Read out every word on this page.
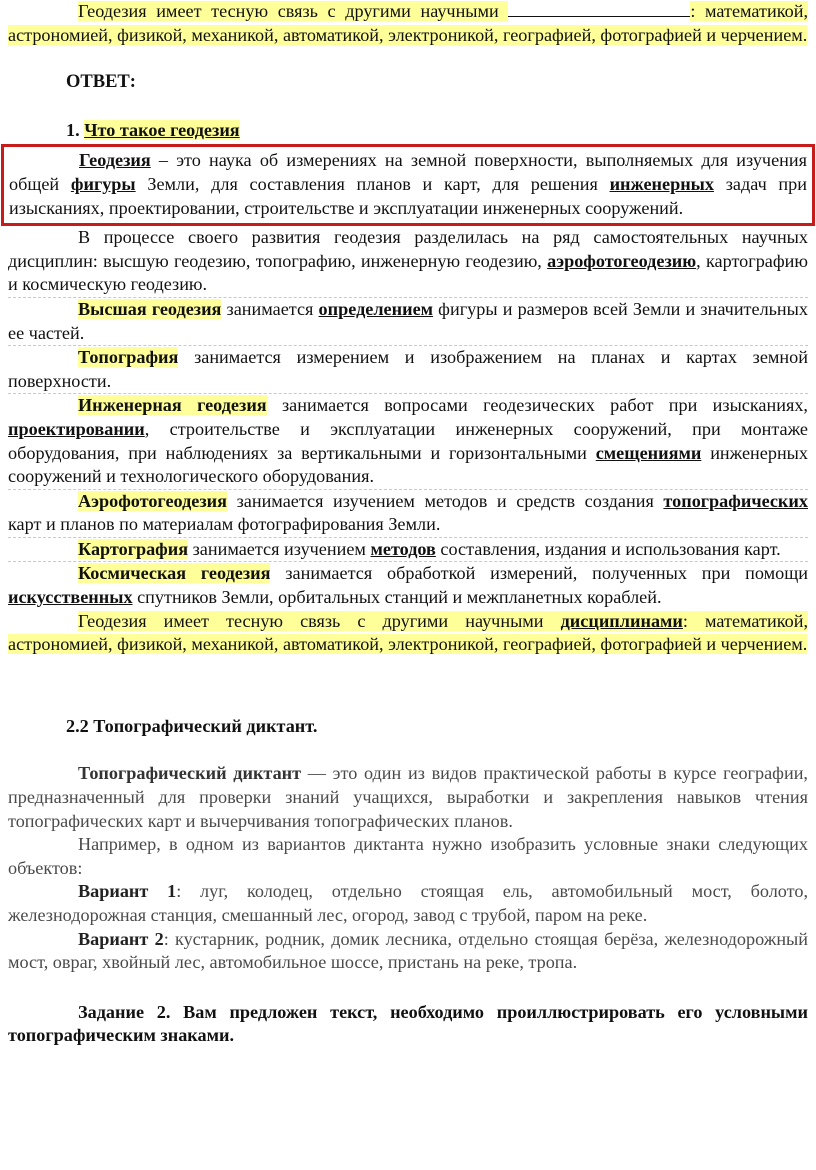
Геодезия имеет тесную связь с другими научными	: математикой, астрономией, физикой, механикой, автоматикой, электроникой, географией, фотографией и черчением.

ОТВЕТ:

1. Что такое геодезия

Геодезия – это наука об измерениях на земной поверхности, выполняемых для изучения общей фигуры Земли, для составления планов и карт, для решения инженерных задач при изысканиях, проектировании, строительстве и эксплуатации инженерных сооружений.

В процессе своего развития геодезия разделилась на ряд самостоятельных научных дисциплин: высшую геодезию, топографию, инженерную геодезию, аэрофотогеодезию, картографию и космическую геодезию.

Высшая геодезия занимается определением фигуры и размеров всей Земли и значительных ее частей.

Топография занимается измерением и изображением на планах и картах земной поверхности.

Инженерная геодезия занимается вопросами геодезических работ при изысканиях, проектировании, строительстве и эксплуатации инженерных сооружений, при монтаже оборудования, при наблюдениях за вертикальными и горизонтальными смещениями инженерных сооружений и технологического оборудования.

Аэрофотогеодезия занимается изучением методов и средств создания топографических карт и планов по материалам фотографирования Земли.

Картография занимается изучением методов составления, издания и использования карт.

Космическая геодезия занимается обработкой измерений, полученных при помощи искусственных спутников Земли, орбитальных станций и межпланетных кораблей.

Геодезия имеет тесную связь с другими научными дисциплинами: математикой, астрономией, физикой, механикой, автоматикой, электроникой, географией, фотографией и черчением.

2.2 Топографический диктант.

Топографический диктант — это один из видов практической работы в курсе географии, предназначенный для проверки знаний учащихся, выработки и закрепления навыков чтения топографических карт и вычерчивания топографических планов.

Например, в одном из вариантов диктанта нужно изобразить условные знаки следующих объектов:

Вариант 1: луг, колодец, отдельно стоящая ель, автомобильный мост, болото, железнодорожная станция, смешанный лес, огород, завод с трубой, паром на реке.

Вариант 2: кустарник, родник, домик лесника, отдельно стоящая берёза, железнодорожный мост, овраг, хвойный лес, автомобильное шоссе, пристань на реке, тропа.

Задание 2. Вам предложен текст, необходимо проиллюстрировать его условными топографическим знаками.
